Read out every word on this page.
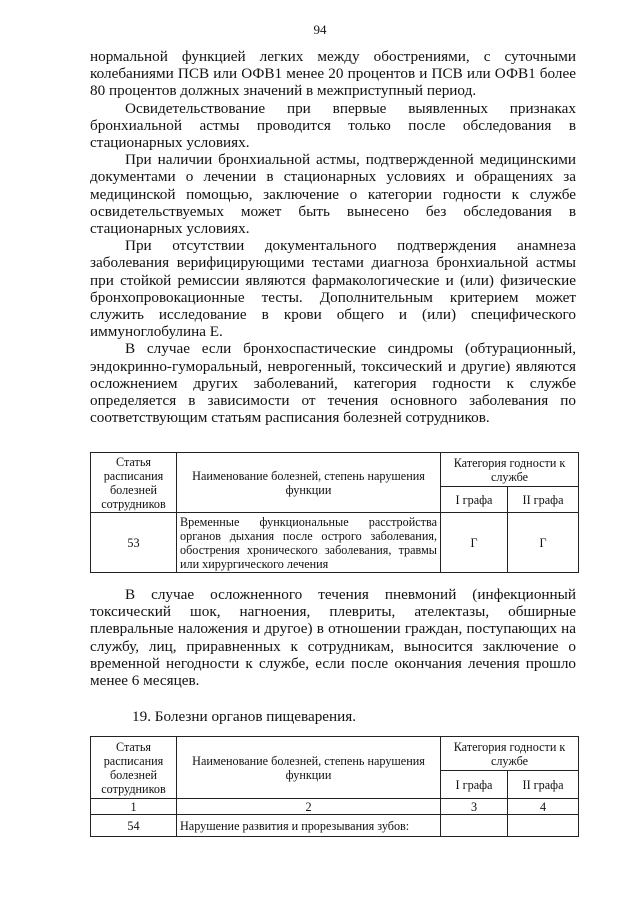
94

нормальной функцией легких между обострениями, с суточными колебаниями ПСВ или ОФВ1 менее 20 процентов и ПСВ или ОФВ1 более 80 процентов должных значений в межприступный период.

Освидетельствование при впервые выявленных признаках бронхиальной астмы проводится только после обследования в стационарных условиях.

При наличии бронхиальной астмы, подтвержденной медицинскими документами о лечении в стационарных условиях и обращениях за медицинской помощью, заключение о категории годности к службе освидетельствуемых может быть вынесено без обследования в стационарных условиях.

При отсутствии документального подтверждения анамнеза заболевания верифицирующими тестами диагноза бронхиальной астмы при стойкой ремиссии являются фармакологические и (или) физические бронхопровокационные тесты. Дополнительным критерием может служить исследование в крови общего и (или) специфического иммуноглобулина E.

В случае если бронхоспастические синдромы (обтурационный, эндокринно-гуморальный, неврогенный, токсический и другие) являются осложнением других заболеваний, категория годности к службе определяется в зависимости от течения основного заболевания по соответствующим статьям расписания болезней сотрудников.

Статья расписания болезней сотрудников	Наименование болезней, степень нарушения функции	Категория годности к службе	
		I графа	II графа
53	Временные функциональные расстройства органов дыхания после острого заболевания, обострения хронического заболевания, травмы или хирургического лечения	Г	Г

В случае осложненного течения пневмоний (инфекционный токсический шок, нагноения, плевриты, ателектазы, обширные плевральные наложения и другое) в отношении граждан, поступающих на службу, лиц, приравненных к сотрудникам, выносится заключение о временной негодности к службе, если после окончания лечения прошло менее 6 месяцев.

19. Болезни органов пищеварения.
Статья расписания болезней сотрудников	Наименование болезней, степень нарушения функции	Категория годности к службе	
		I графа	II графа
1	2	3	4
54	Нарушение развития и прорезывания зубов:		
